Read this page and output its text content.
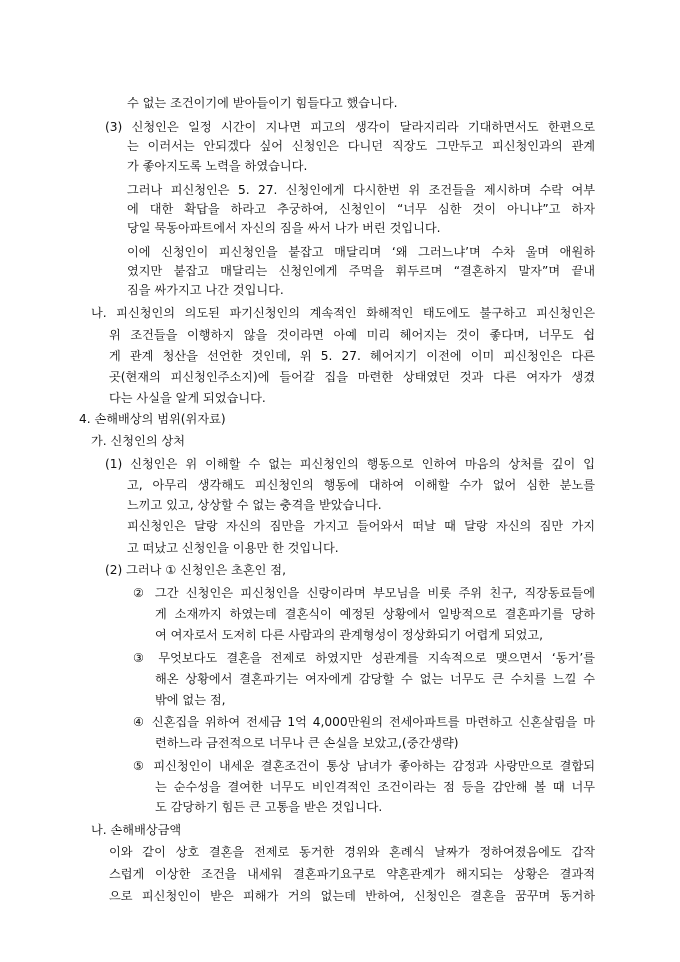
수 없는 조건이기에 받아들이기 힘들다고 했습니다.
(3) 신청인은 일정 시간이 지나면 피고의 생각이 달라지리라 기대하면서도 한편으로
는 이러서는 안되겠다 싶어 신청인은 다니던 직장도 그만두고 피신청인과의 관계
가 좋아지도록 노력을 하였습니다.
그러나 피신청인은 5. 27. 신청인에게 다시한번 위 조건들을 제시하며 수락 여부
에 대한 확답을 하라고 추궁하여, 신청인이 “너무 심한 것이 아니냐”고 하자
당일 묵동아파트에서 자신의 짐을 싸서 나가 버린 것입니다.
이에 신청인이 피신청인을 붙잡고 매달리며 ‘왜 그러느냐’며 수차 울며 애원하
였지만 붙잡고 매달리는 신청인에게 주먹을 휘두르며 “결혼하지 말자”며 끝내
짐을 싸가지고 나간 것입니다.
나. 피신청인의 의도된 파기신청인의 계속적인 화해적인 태도에도 불구하고 피신청인은
위 조건들을 이행하지 않을 것이라면 아예 미리 헤어지는 것이 좋다며, 너무도 쉽
게 관계 청산을 선언한 것인데, 위 5. 27. 헤어지기 이전에 이미 피신청인은 다른
곳(현재의 피신청인주소지)에 들어갈 집을 마련한 상태였던 것과 다른 여자가 생겼
다는 사실을 알게 되었습니다.
4. 손해배상의 범위(위자료)
가. 신청인의 상처
(1) 신청인은 위 이해할 수 없는 피신청인의 행동으로 인하여 마음의 상처를 깊이 입
고, 아무리 생각해도 피신청인의 행동에 대하여 이해할 수가 없어 심한 분노를
느끼고 있고, 상상할 수 없는 충격을 받았습니다.
피신청인은 달랑 자신의 짐만을 가지고 들어와서 떠날 때 달랑 자신의 짐만 가지
고 떠났고 신청인을 이용만 한 것입니다.
(2) 그러나 ① 신청인은 초혼인 점,
② 그간 신청인은 피신청인을 신랑이라며 부모님을 비롯 주위 친구, 직장동료들에
게 소재까지 하였는데 결혼식이 예정된 상황에서 일방적으로 결혼파기를 당하
여 여자로서 도저히 다른 사람과의 관계형성이 정상화되기 어렵게 되었고,
③ 무엇보다도 결혼을 전제로 하였지만 성관계를 지속적으로 맺으면서 ‘동거’를
해온 상황에서 결혼파기는 여자에게 감당할 수 없는 너무도 큰 수치를 느낄 수
밖에 없는 점,
④ 신혼집을 위하여 전세금 1억 4,000만원의 전세아파트를 마련하고 신혼살림을 마
련하느라 금전적으로 너무나 큰 손실을 보았고,(중간생략)
⑤ 피신청인이 내세운 결혼조건이 통상 남녀가 좋아하는 감정과 사랑만으로 결합되
는 순수성을 결여한 너무도 비인격적인 조건이라는 점 등을 감안해 볼 때 너무
도 감당하기 힘든 큰 고통을 받은 것입니다.
나. 손해배상금액
이와 같이 상호 결혼을 전제로 동거한 경위와 혼례식 날짜가 정하여졌음에도 갑작
스럽게 이상한 조건을 내세워 결혼파기요구로 약혼관계가 해지되는 상황은 결과적
으로 피신청인이 받은 피해가 거의 없는데 반하여, 신청인은 결혼을 꿈꾸며 동거하
